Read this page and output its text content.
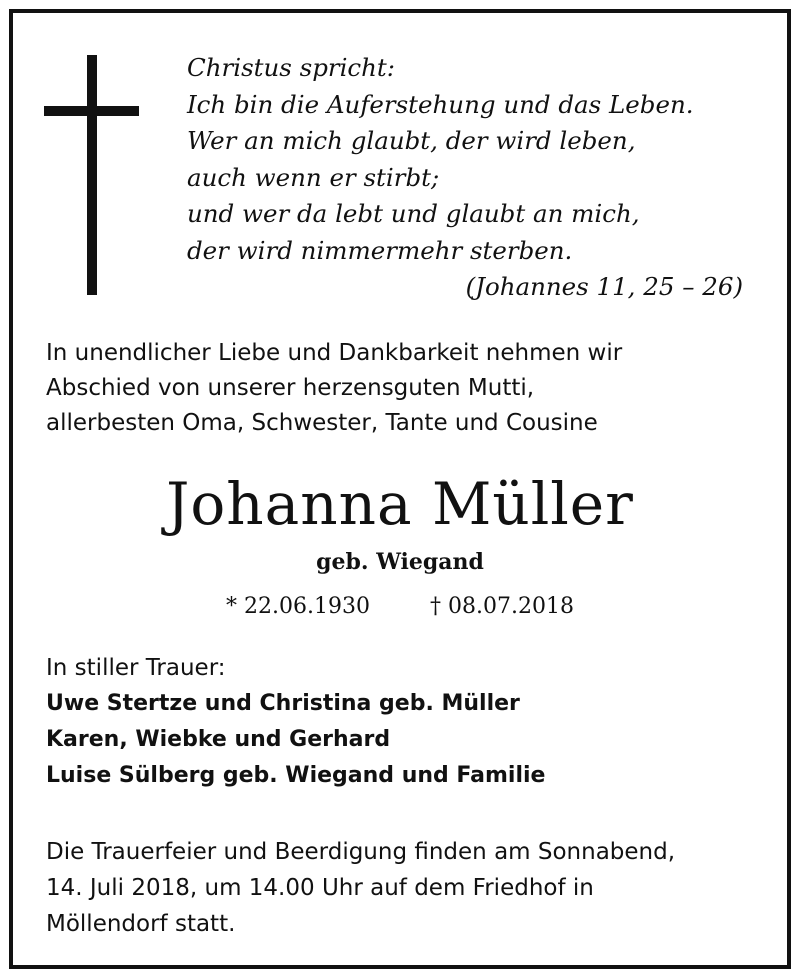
Christus spricht:
Ich bin die Auferstehung und das Leben.
Wer an mich glaubt, der wird leben,
auch wenn er stirbt;
und wer da lebt und glaubt an mich,
der wird nimmermehr sterben.
(Johannes 11, 25 – 26)
In unendlicher Liebe und Dankbarkeit nehmen wir
Abschied von unserer herzensguten Mutti,
allerbesten Oma, Schwester, Tante und Cousine
Johanna Müller
geb. Wiegand
* 22.06.1930	† 08.07.2018
In stiller Trauer:
Uwe Stertze und Christina geb. Müller
Karen, Wiebke und Gerhard
Luise Sülberg geb. Wiegand und Familie
Die Trauerfeier und Beerdigung finden am Sonnabend,
14. Juli 2018, um 14.00 Uhr auf dem Friedhof in
Möllendorf statt.
